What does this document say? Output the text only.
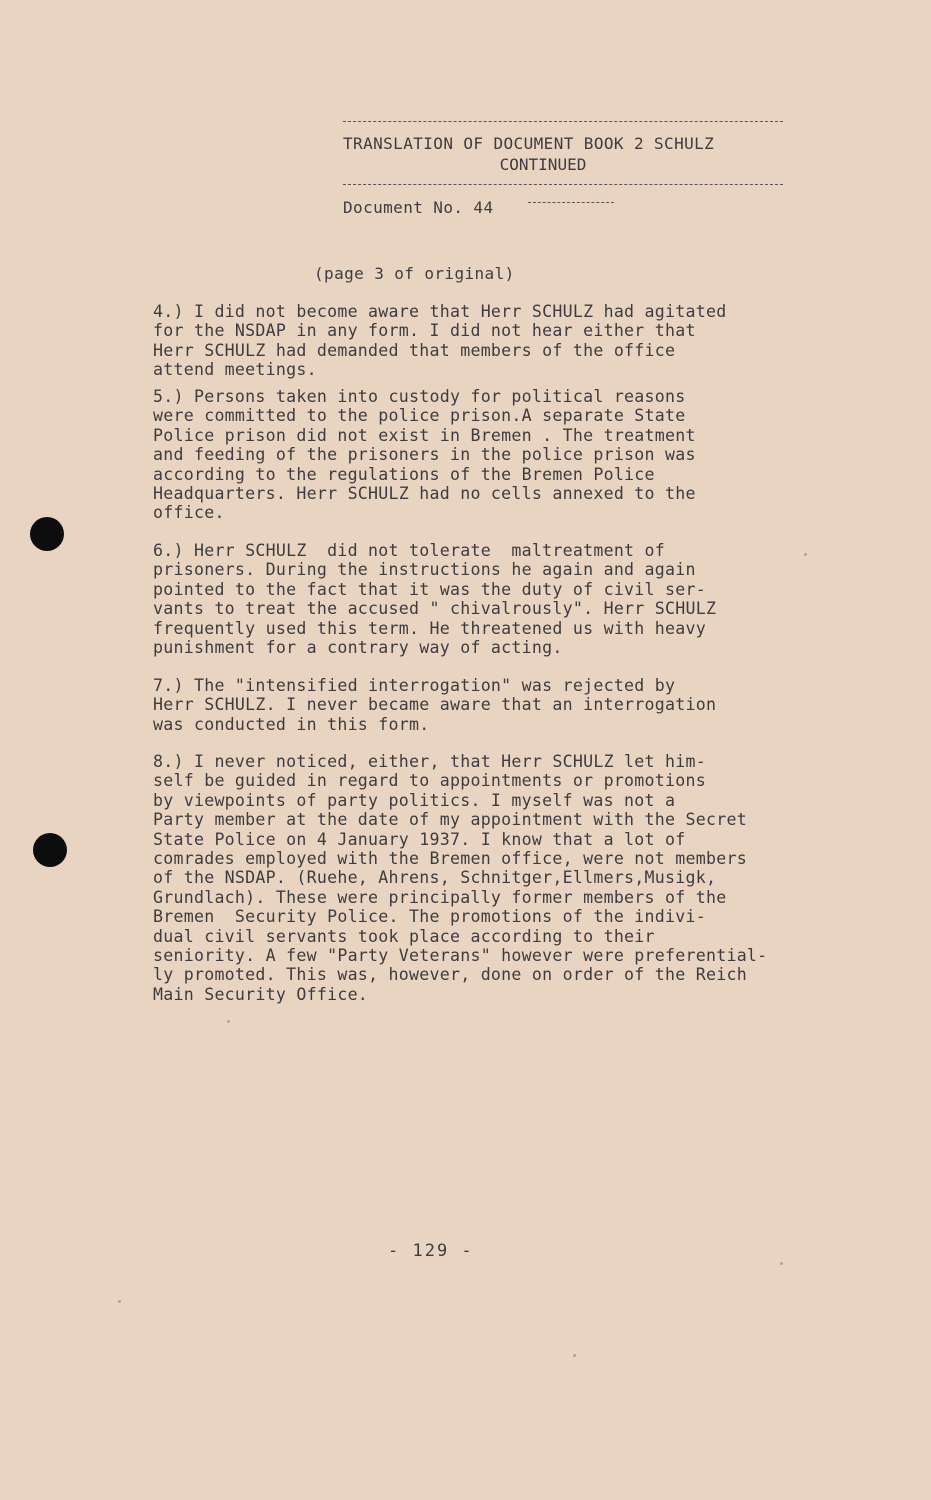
TRANSLATION OF DOCUMENT BOOK 2 SCHULZ
CONTINUED
Document No. 44
(page 3 of original)
4.) I did not become aware that Herr SCHULZ had agitated
for the NSDAP in any form. I did not hear either that
Herr SCHULZ had demanded that members of the office
attend meetings.
5.) Persons taken into custody for political reasons
were committed to the police prison.A separate State
Police prison did not exist in Bremen . The treatment
and feeding of the prisoners in the police prison was
according to the regulations of the Bremen Police
Headquarters. Herr SCHULZ had no cells annexed to the
office.
6.) Herr SCHULZ  did not tolerate  maltreatment of
prisoners. During the instructions he again and again
pointed to the fact that it was the duty of civil ser-
vants to treat the accused " chivalrously". Herr SCHULZ
frequently used this term. He threatened us with heavy
punishment for a contrary way of acting.
7.) The "intensified interrogation" was rejected by
Herr SCHULZ. I never became aware that an interrogation
was conducted in this form.
8.) I never noticed, either, that Herr SCHULZ let him-
self be guided in regard to appointments or promotions
by viewpoints of party politics. I myself was not a
Party member at the date of my appointment with the Secret
State Police on 4 January 1937. I know that a lot of
comrades employed with the Bremen office, were not members
of the NSDAP. (Ruehe, Ahrens, Schnitger,Ellmers,Musigk,
Grundlach). These were principally former members of the
Bremen  Security Police. The promotions of the indivi-
dual civil servants took place according to their
seniority. A few "Party Veterans" however were preferential-
ly promoted. This was, however, done on order of the Reich
Main Security Office.
- 129 -
